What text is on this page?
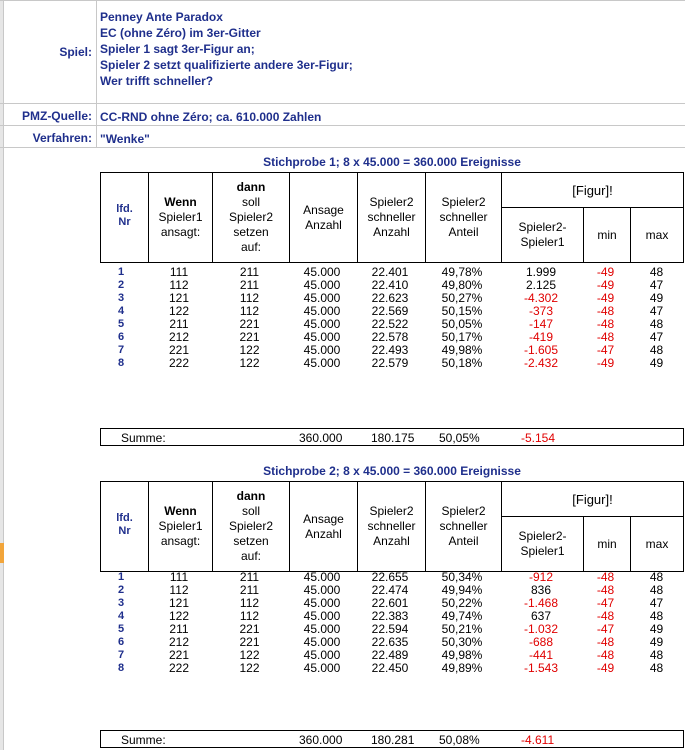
Spiel:
Penney Ante Paradox
EC (ohne Zéro) im 3er-Gitter
Spieler 1 sagt 3er-Figur an;
Spieler 2 setzt qualifizierte andere 3er-Figur;
Wer trifft schneller?
PMZ-Quelle: CC-RND ohne Zéro; ca. 610.000 Zahlen
Verfahren: "Wenke"
Stichprobe 1; 8 x 45.000 = 360.000 Ereignisse
lfd.
Nr
Wenn
Spieler1
ansagt:
dann
soll
Spieler2
setzen
auf:
Ansage
Anzahl
Spieler2
schneller
Anzahl
Spieler2
schneller
Anteil
[Figur]!
Spieler2-
Spieler1
min max
1	111	211	45.000	22.401	49,78%	1.999	-49	48
2	112	211	45.000	22.410	49,80%	2.125	-49	47
3	121	112	45.000	22.623	50,27%	-4.302	-49	49
4	122	112	45.000	22.569	50,15%	-373	-48	47
5	211	221	45.000	22.522	50,05%	-147	-48	48
6	212	221	45.000	22.578	50,17%	-419	-48	47
7	221	122	45.000	22.493	49,98%	-1.605	-47	48
8	222	122	45.000	22.579	50,18%	-2.432	-49	49
Summe:	360.000 180.175 50,05%	-5.154
Stichprobe 2; 8 x 45.000 = 360.000 Ereignisse
lfd.
Nr
Wenn
Spieler1
ansagt:
dann
soll
Spieler2
setzen
auf:
Ansage
Anzahl
Spieler2
schneller
Anzahl
Spieler2
schneller
Anteil
[Figur]!
Spieler2-
Spieler1
min max
1	111	211	45.000	22.655	50,34%	-912	-48	48
2	112	211	45.000	22.474	49,94%	836	-48	48
3	121	112	45.000	22.601	50,22%	-1.468	-47	47
4	122	112	45.000	22.383	49,74%	637	-48	48
5	211	221	45.000	22.594	50,21%	-1.032	-47	49
6	212	221	45.000	22.635	50,30%	-688	-48	49
7	221	122	45.000	22.489	49,98%	-441	-48	48
8	222	122	45.000	22.450	49,89%	-1.543	-49	48
Summe:	360.000 180.281 50,08%	-4.611
